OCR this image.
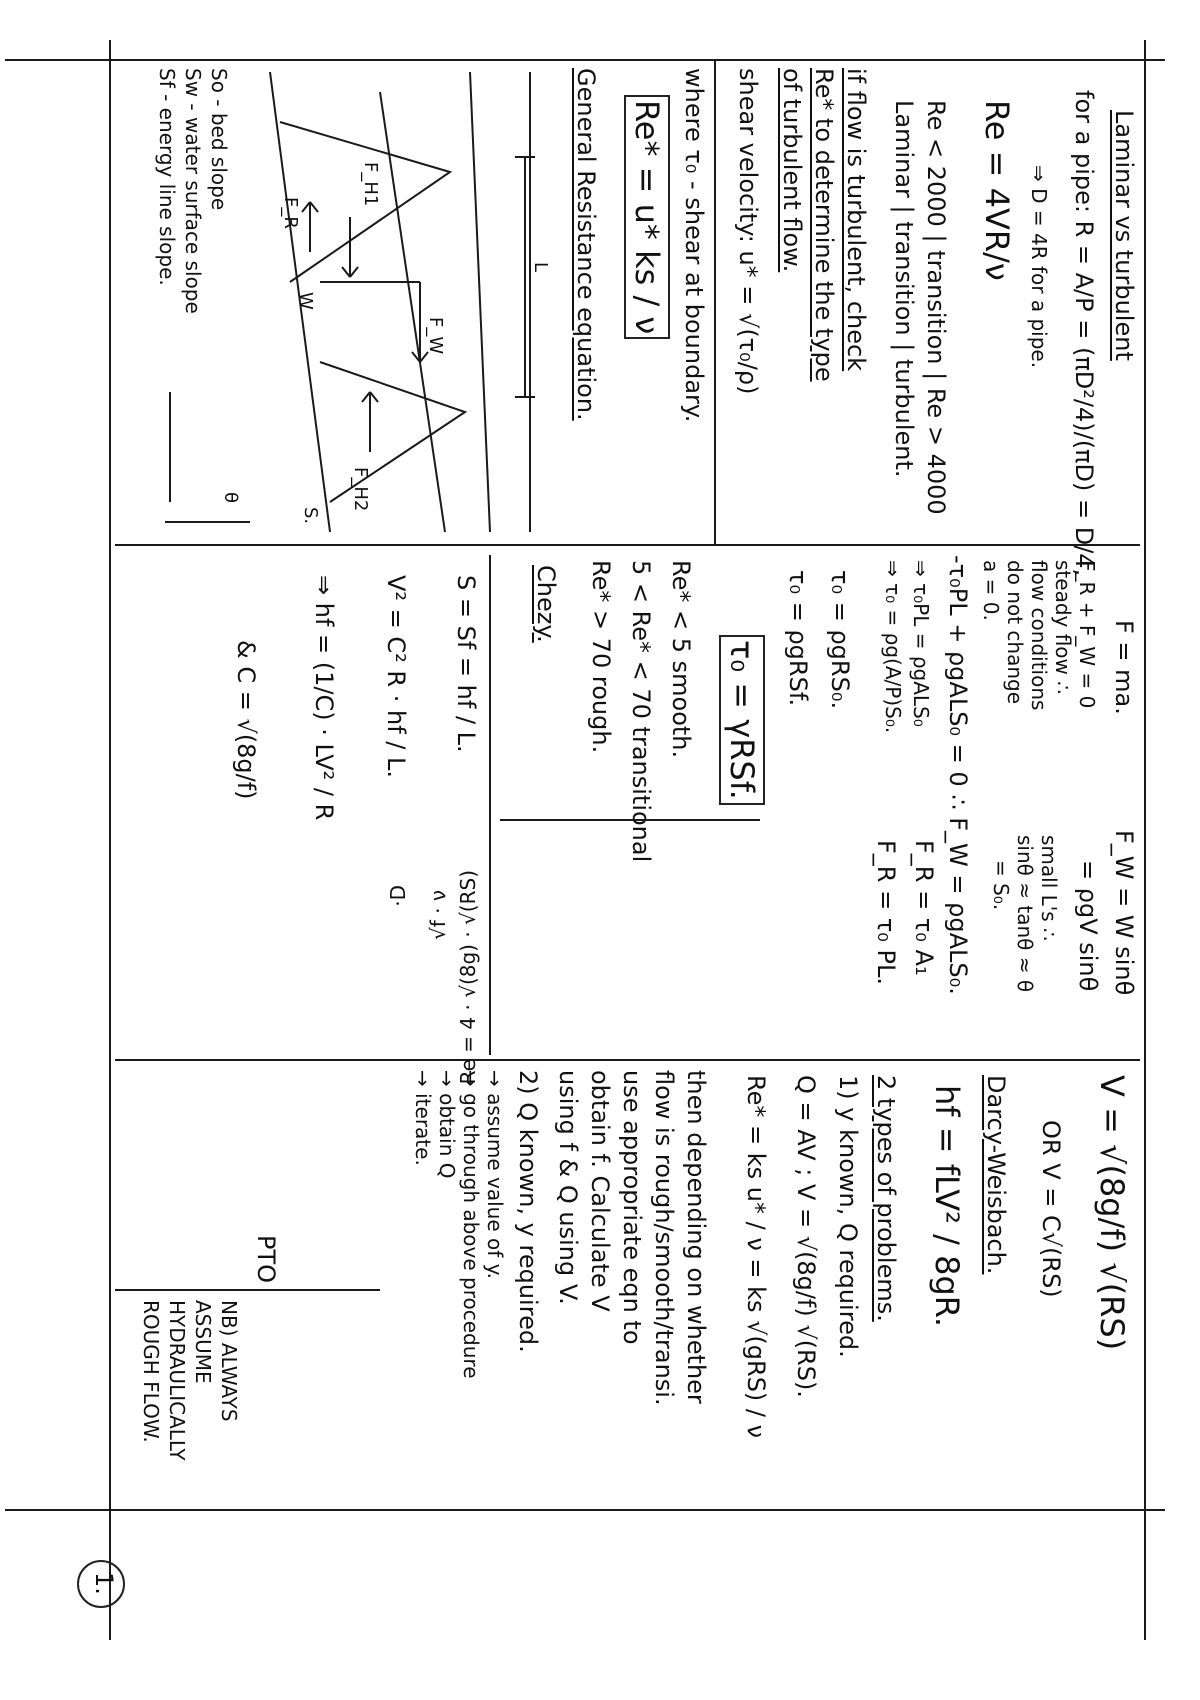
Laminar vs turbulent
for a pipe: R = A/P = (πD²/4)/(πD) = D/4,
⇒ D = 4R for a pipe.
Re = 4VR/ν
Re < 2000 | transition | Re > 4000
Laminar | transition | turbulent.
if flow is turbulent, check
Re* to determine the type
of turbulent flow.
shear velocity: u* = √(τ₀/ρ)
where τ₀ - shear at boundary.
Re* = u* ks / ν
General Resistance equation.
F_H1
F_W
F_H2
F_R
W
L
S.
θ
So - bed slope
Sw - water surface slope
Sf - energy line slope.
F = ma.
F_R + F_W = 0
steady flow ∴
flow conditions
do not change
a = 0.
F_W = W sinθ
= ρgV sinθ
small L's ∴
sinθ ≈ tanθ ≈ θ
= S₀.
-τ₀PL + ρgALS₀ = 0 ∴ F_W = ρgALS₀.
⇒ τ₀PL = ρgALS₀
⇒ τ₀ = ρg(A/P)S₀.
F_R = τ₀ A₁
F_R = τ₀ PL.
τ₀ = ρgRS₀.
τ₀ = ρgRSf.
τ₀ = γRSf.
Re* < 5 smooth.
5 < Re* < 70 transitional
Re* > 70 rough.
Chezy.
S = Sf = hf / L.
V² = C² R · hf / L.
⇒ hf = (1/C) · LV² / R
& C = √(8g/f)
Re = 4 · √(8g) · √(RS)
√f · ν
·D
V = √(8g/f) √(RS)
OR V = C√(RS)
Darcy-Weisbach.
hf = fLV² / 8gR.
2 types of problems.
1) y known, Q required.
Q = AV ; V = √(8g/f) √(RS).
Re* = ks u* / ν = ks √(gRS) / ν
then depending on whether
flow is rough/smooth/transi.
use appropriate eqn to
obtain f. Calculate V
using f & Q using V.
2) Q known, y required.
→ assume value of y.
→ go through above procedure
→ obtain Q
→ iterate.
PTO
NB) ALWAYS
ASSUME
HYDRAULICALLY
ROUGH FLOW.
1.
